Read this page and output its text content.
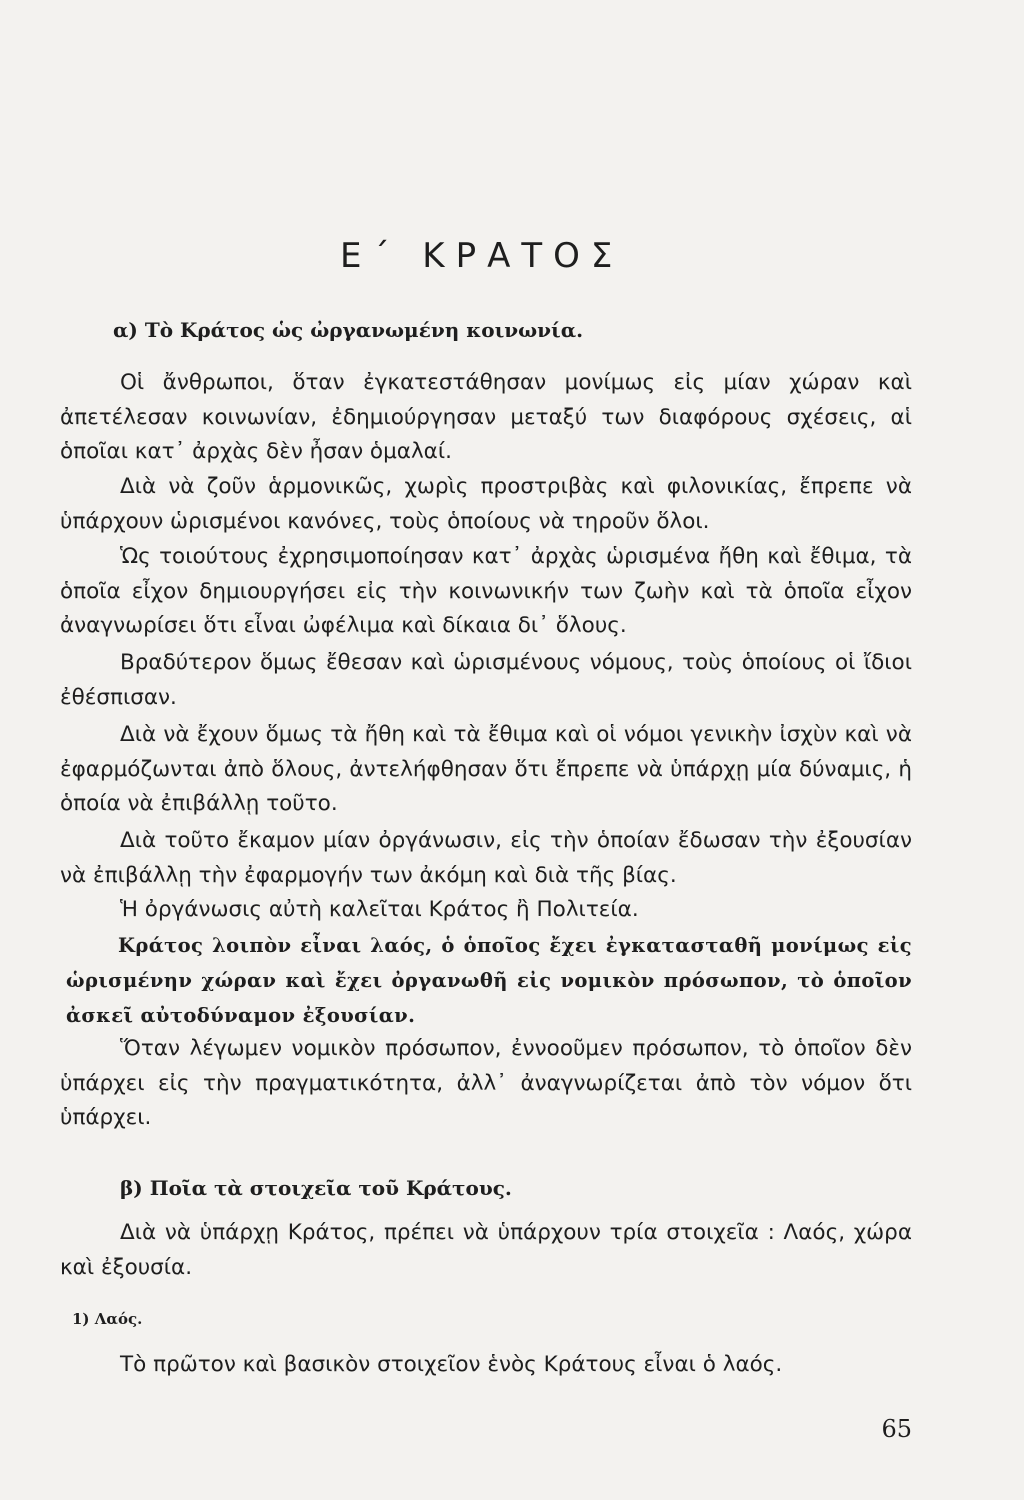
Ε΄ ΚΡΑΤΟΣ
α) Τὸ Κράτος ὡς ὠργανωμένη κοινωνία.

Οἱ ἄνθρωποι, ὅταν ἐγκατεστάθησαν μονίμως εἰς μίαν χώραν καὶ ἀπετέλεσαν κοινωνίαν, ἐδημιούργησαν μεταξύ των διαφόρους σχέσεις, αἱ ὁποῖαι κατ᾽ ἀρχὰς δὲν ἦσαν ὁμαλαί.

Διὰ νὰ ζοῦν ἁρμονικῶς, χωρὶς προστριβὰς καὶ φιλονικίας, ἔπρεπε νὰ ὑπάρχουν ὡρισμένοι κανόνες, τοὺς ὁποίους νὰ τηροῦν ὅλοι.

Ὡς τοιούτους ἐχρησιμοποίησαν κατ᾽ ἀρχὰς ὡρισμένα ἤθη καὶ ἔθιμα, τὰ ὁποῖα εἶχον δημιουργήσει εἰς τὴν κοινωνικήν των ζωὴν καὶ τὰ ὁποῖα εἶχον ἀναγνωρίσει ὅτι εἶναι ὠφέλιμα καὶ δίκαια δι᾽ ὅλους.

Βραδύτερον ὅμως ἔθεσαν καὶ ὡρισμένους νόμους, τοὺς ὁποίους οἱ ἴδιοι ἐθέσπισαν.

Διὰ νὰ ἔχουν ὅμως τὰ ἤθη καὶ τὰ ἔθιμα καὶ οἱ νόμοι γενικὴν ἰσχὺν καὶ νὰ ἐφαρμόζωνται ἀπὸ ὅλους, ἀντελήφθησαν ὅτι ἔπρεπε νὰ ὑπάρχῃ μία δύναμις, ἡ ὁποία νὰ ἐπιβάλλῃ τοῦτο.

Διὰ τοῦτο ἔκαμον μίαν ὀργάνωσιν, εἰς τὴν ὁποίαν ἔδωσαν τὴν ἐξουσίαν νὰ ἐπιβάλλῃ τὴν ἐφαρμογήν των ἀκόμη καὶ διὰ τῆς βίας.

Ἡ ὀργάνωσις αὐτὴ καλεῖται Κράτος ἢ Πολιτεία.

Κράτος λοιπὸν εἶναι λαός, ὁ ὁποῖος ἔχει ἐγκατασταθῆ μονίμως εἰς ὡρισμένην χώραν καὶ ἔχει ὀργανωθῆ εἰς νομικὸν πρόσωπον, τὸ ὁποῖον ἀσκεῖ αὐτοδύναμον ἐξουσίαν.

Ὅταν λέγωμεν νομικὸν πρόσωπον, ἐννοοῦμεν πρόσωπον, τὸ ὁποῖον δὲν ὑπάρχει εἰς τὴν πραγματικότητα, ἀλλ᾽ ἀναγνωρίζεται ἀπὸ τὸν νόμον ὅτι ὑπάρχει.

β) Ποῖα τὰ στοιχεῖα τοῦ Κράτους.

Διὰ νὰ ὑπάρχῃ Κράτος, πρέπει νὰ ὑπάρχουν τρία στοιχεῖα : Λαός, χώρα καὶ ἐξουσία.

1) Λαός.

Τὸ πρῶτον καὶ βασικὸν στοιχεῖον ἑνὸς Κράτους εἶναι ὁ λαός.

65
